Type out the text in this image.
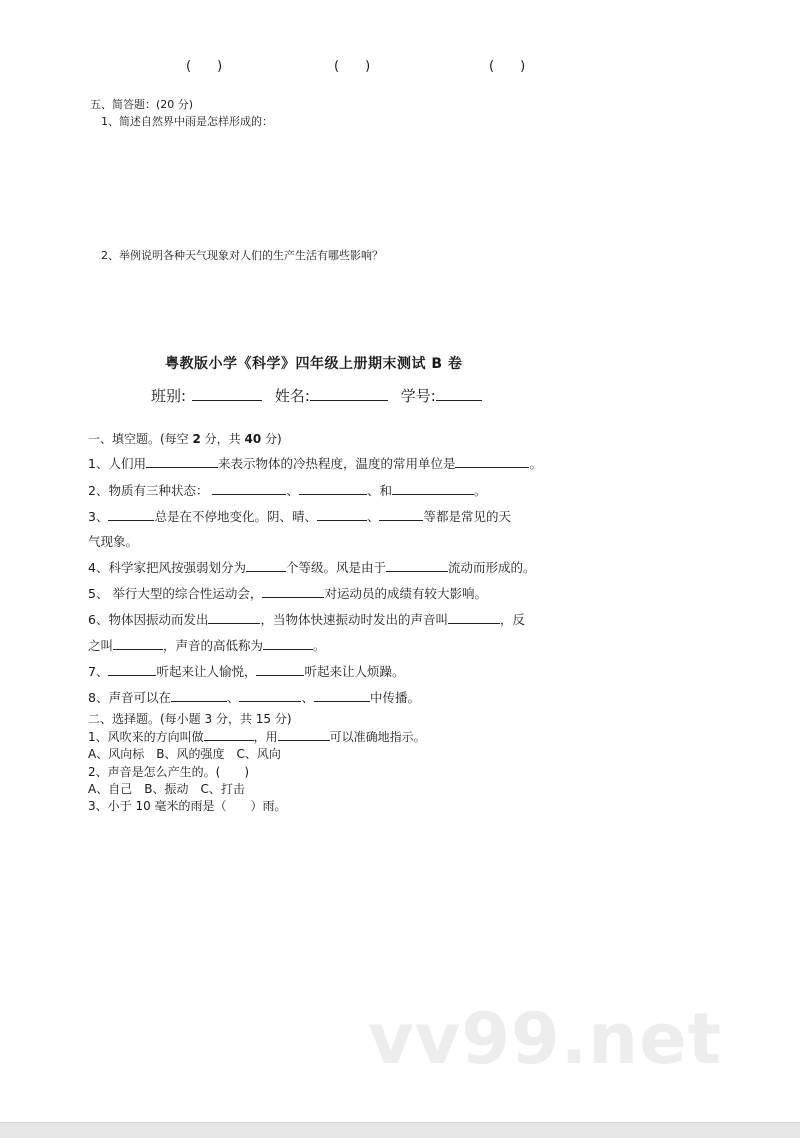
(　　)	(　　)	(　　)
五、简答题：(20 分)
1、简述自然界中雨是怎样形成的：
2、举例说明各种天气现象对人们的生产生活有哪些影响？
粤教版小学《科学》四年级上册期末测试 B 卷
班别:	姓名:	学号:
一、填空题。(每空 2 分，共 40 分)
1、人们用	来表示物体的冷热程度，温度的常用单位是	。
2、物质有三种状态：	、	、和	。
3、	总是在不停地变化。阴、晴、	、	等都是常见的天
气现象。
4、科学家把风按强弱划分为	个等级。风是由于	流动而形成的。
5、 举行大型的综合性运动会，	对运动员的成绩有较大影响。
6、物体因振动而发出	，当物体快速振动时发出的声音叫	，反
之叫	，声音的高低称为	。
7、	听起来让人愉悦，	听起来让人烦躁。
8、声音可以在	、	、	中传播。
二、选择题。(每小题 3 分，共 15 分)
1、风吹来的方向叫做	，用	可以准确地指示。
A、风向标　B、风的强度　C、风向
2、声音是怎么产生的。(　　)
A、自己　B、振动　C、打击
3、小于 10 毫米的雨是（　　）雨。
vv99.net
